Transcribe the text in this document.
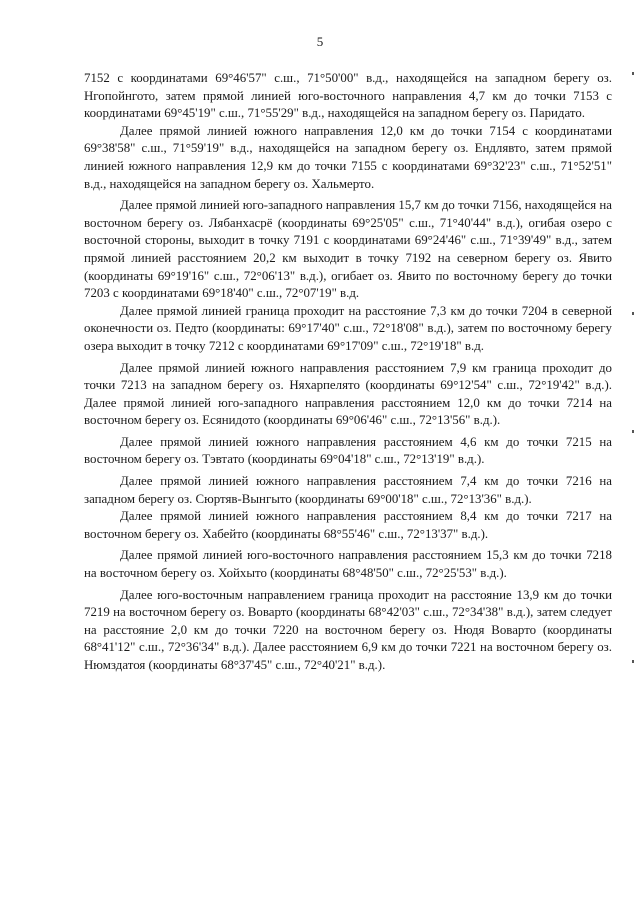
5

7152 с координатами 69°46'57" с.ш., 71°50'00" в.д., находящейся на западном берегу оз. Нгопойнгото, затем прямой линией юго-восточного направления 4,7 км до точки 7153 с координатами 69°45'19" с.ш., 71°55'29" в.д., находящейся на западном берегу оз. Паридато.

Далее прямой линией южного направления 12,0 км до точки 7154 с координатами 69°38'58" с.ш., 71°59'19" в.д., находящейся на западном берегу оз. Ендлявто, затем прямой линией южного направления 12,9 км до точки 7155 с координатами 69°32'23" с.ш., 71°52'51" в.д., находящейся на западном берегу оз. Хальмерто.

Далее прямой линией юго-западного направления 15,7 км до точки 7156, находящейся на восточном берегу оз. Лябанхасрё (координаты 69°25'05" с.ш., 71°40'44" в.д.), огибая озеро с восточной стороны, выходит в точку 7191 с координатами 69°24'46" с.ш., 71°39'49" в.д., затем прямой линией расстоянием 20,2 км выходит в точку 7192 на северном берегу оз. Явито (координаты 69°19'16" с.ш., 72°06'13" в.д.), огибает оз. Явито по восточному берегу до точки 7203 с координатами 69°18'40" с.ш., 72°07'19" в.д.

Далее прямой линией граница проходит на расстояние 7,3 км до точки 7204 в северной оконечности оз. Педто (координаты: 69°17'40" с.ш., 72°18'08" в.д.), затем по восточному берегу озера выходит в точку 7212 с координатами 69°17'09" с.ш., 72°19'18" в.д.

Далее прямой линией южного направления расстоянием 7,9 км граница проходит до точки 7213 на западном берегу оз. Няхарпелято (координаты 69°12'54" с.ш., 72°19'42" в.д.). Далее прямой линией юго-западного направления расстоянием 12,0 км до точки 7214 на восточном берегу оз. Есянидото (координаты 69°06'46" с.ш., 72°13'56" в.д.).

Далее прямой линией южного направления расстоянием 4,6 км до точки 7215 на восточном берегу оз. Тэвтато (координаты 69°04'18" с.ш., 72°13'19" в.д.).

Далее прямой линией южного направления расстоянием 7,4 км до точки 7216 на западном берегу оз. Сюртяв-Вынгыто (координаты 69°00'18" с.ш., 72°13'36" в.д.).

Далее прямой линией южного направления расстоянием 8,4 км до точки 7217 на восточном берегу оз. Хабейто (координаты 68°55'46" с.ш., 72°13'37" в.д.).

Далее прямой линией юго-восточного направления расстоянием 15,3 км до точки 7218 на восточном берегу оз. Хойхыто (координаты 68°48'50" с.ш., 72°25'53" в.д.).

Далее юго-восточным направлением граница проходит на расстояние 13,9 км до точки 7219 на восточном берегу оз. Воварто (координаты 68°42'03" с.ш., 72°34'38" в.д.), затем следует на расстояние 2,0 км до точки 7220 на восточном берегу оз. Нюдя Воварто (координаты 68°41'12" с.ш., 72°36'34" в.д.). Далее расстоянием 6,9 км до точки 7221 на восточном берегу оз. Нюмздатоя (координаты 68°37'45" с.ш., 72°40'21" в.д.).
